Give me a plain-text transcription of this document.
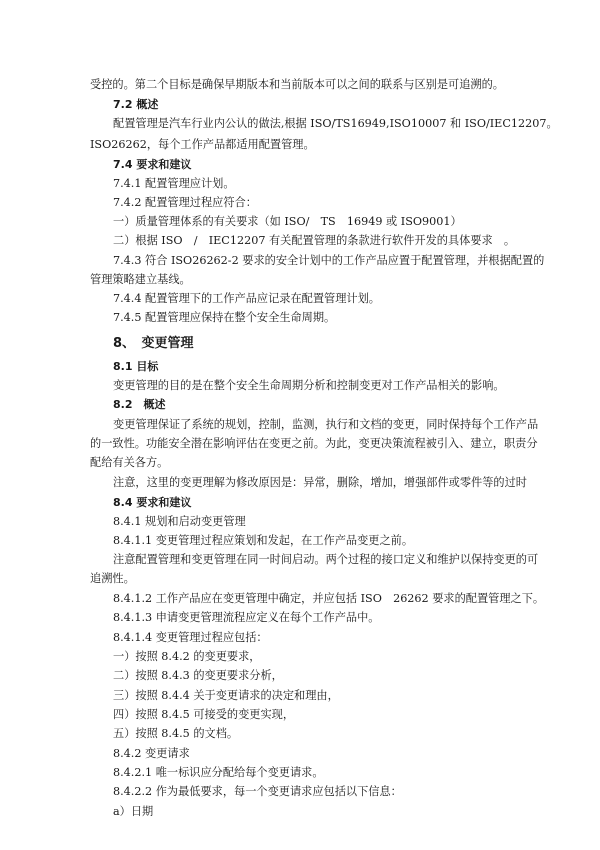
受控的。第二个目标是确保早期版本和当前版本可以之间的联系与区别是可追溯的。
7.2 概述
配置管理是汽车行业内公认的做法,根据 ISO/TS16949,ISO10007 和 ISO/IEC12207。
ISO26262，每个工作产品都适用配置管理。
7.4 要求和建议
7.4.1 配置管理应计划。
7.4.2 配置管理过程应符合：
一）质量管理体系的有关要求（如 ISO/　TS　16949 或 ISO9001）
二）根据 ISO　/　IEC12207 有关配置管理的条款进行软件开发的具体要求　。
7.4.3 符合 ISO26262-2 要求的安全计划中的工作产品应置于配置管理，并根据配置的
管理策略建立基线。
7.4.4 配置管理下的工作产品应记录在配置管理计划。
7.4.5 配置管理应保持在整个安全生命周期。
8、　变更管理
8.1 目标
变更管理的目的是在整个安全生命周期分析和控制变更对工作产品相关的影响。
8.2　概述
变更管理保证了系统的规划，控制，监测，执行和文档的变更，同时保持每个工作产品
的一致性。功能安全潜在影响评估在变更之前。为此，变更决策流程被引入、建立，职责分
配给有关各方。
注意，这里的变更理解为修改原因是：异常，删除，增加，增强部件或零件等的过时
8.4 要求和建议
8.4.1 规划和启动变更管理
8.4.1.1 变更管理过程应策划和发起，在工作产品变更之前。
注意配置管理和变更管理在同一时间启动。两个过程的接口定义和维护以保持变更的可
追溯性。
8.4.1.2 工作产品应在变更管理中确定，并应包括 ISO　26262 要求的配置管理之下。
8.4.1.3 申请变更管理流程应定义在每个工作产品中。
8.4.1.4 变更管理过程应包括：
一）按照 8.4.2 的变更要求，
二）按照 8.4.3 的变更要求分析，
三）按照 8.4.4 关于变更请求的决定和理由，
四）按照 8.4.5 可接受的变更实现，
五）按照 8.4.5 的文档。
8.4.2 变更请求
8.4.2.1 唯一标识应分配给每个变更请求。
8.4.2.2 作为最低要求，每一个变更请求应包括以下信息：
a）日期
